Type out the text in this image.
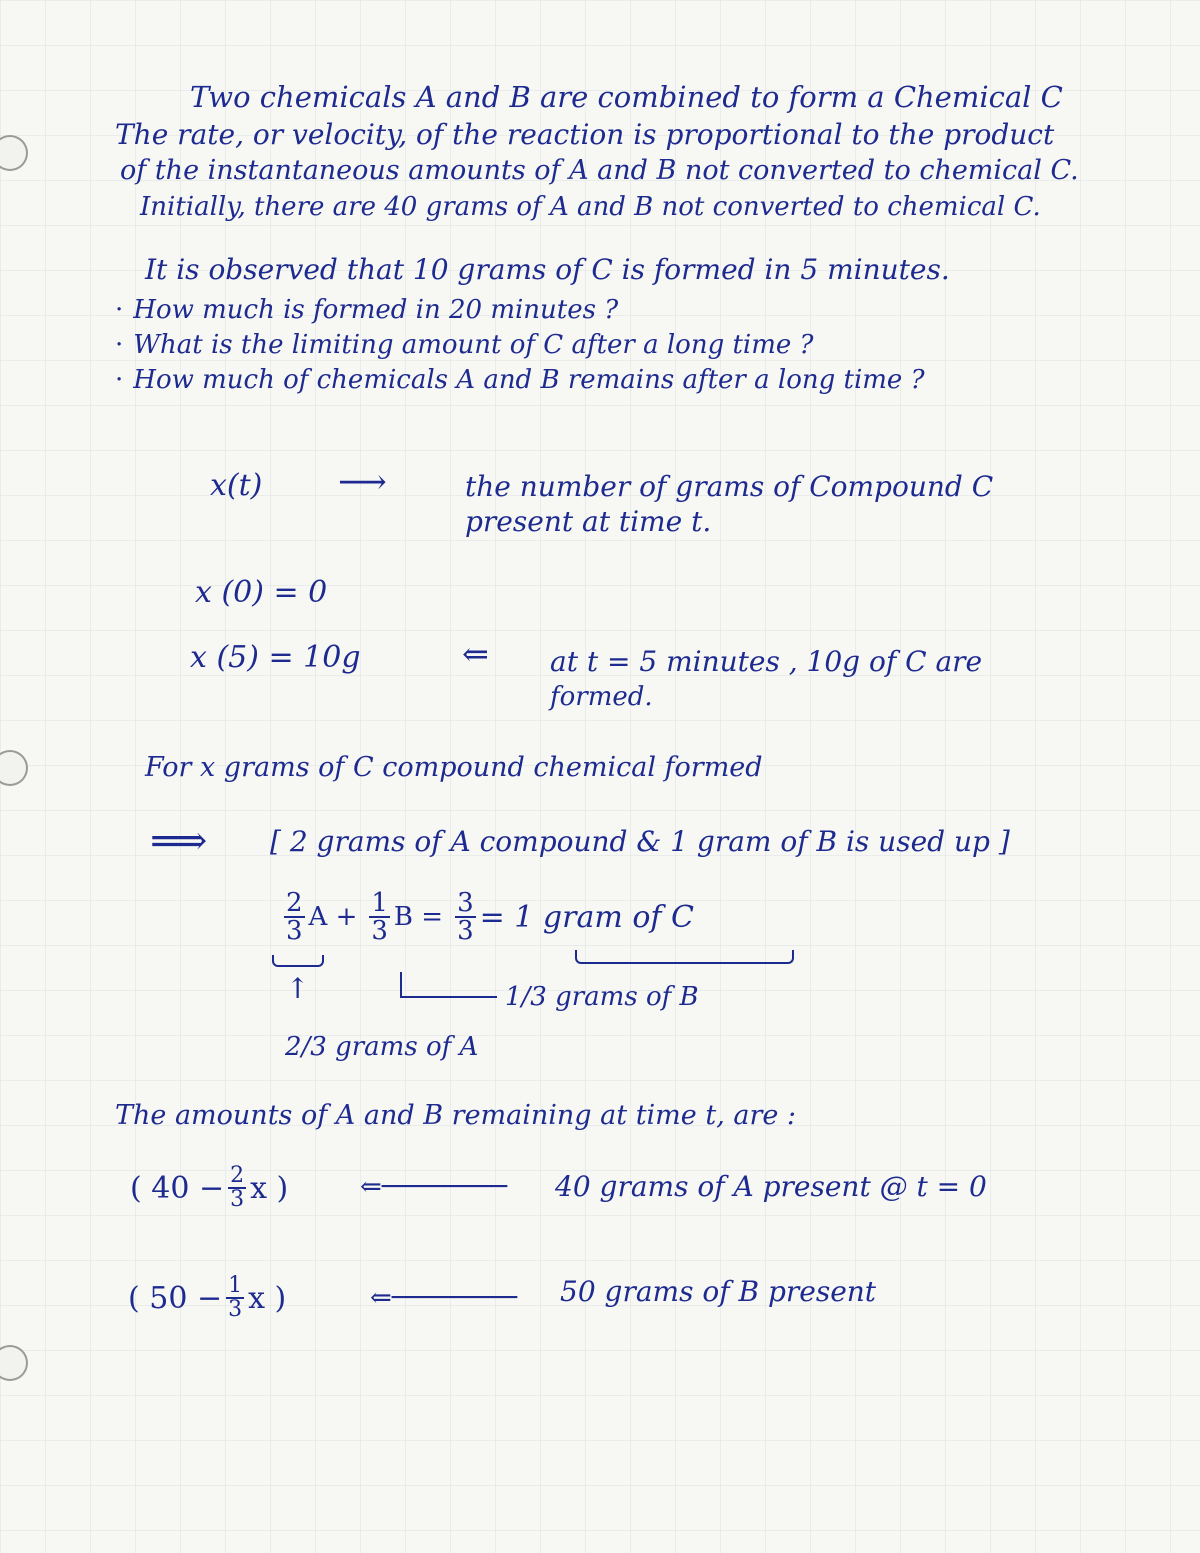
Two chemicals A and B are combined to form a Chemical C

The rate, or velocity, of the reaction is proportional to the product

of the instantaneous amounts of A and B not converted to chemical C.

Initially, there are 40 grams of A and B not converted to chemical C.

It is observed that 10 grams of C is formed in 5 minutes.

· How much is formed in 20 minutes ?

· What is the limiting amount of C after a long time ?

· How much of chemicals A and B remains after a long time ?

x(t) ⟶	the number of grams of Compound C

present at time t.

x (0) = 0

x (5) = 10g	⇐ at t = 5 minutes , 10g of C are

formed.

For x grams of C compound chemical formed

⟹ [ 2 grams of A compound & 1 gram of B is used up ]

$\frac{2}{3}$ $A + \frac{1}{3}$ $B = \frac{3}{3} = 1$ gram of C

↑	1/3 grams of B

2/3 grams of A

The amounts of A and B remaining at time t, are :

( $40 - \frac{2}{3}$ x )	⇐──────── 40 grams of A present @ t = 0

( $50 - \frac{1}{3}$ x )	⇐──────── 50 grams of B present
